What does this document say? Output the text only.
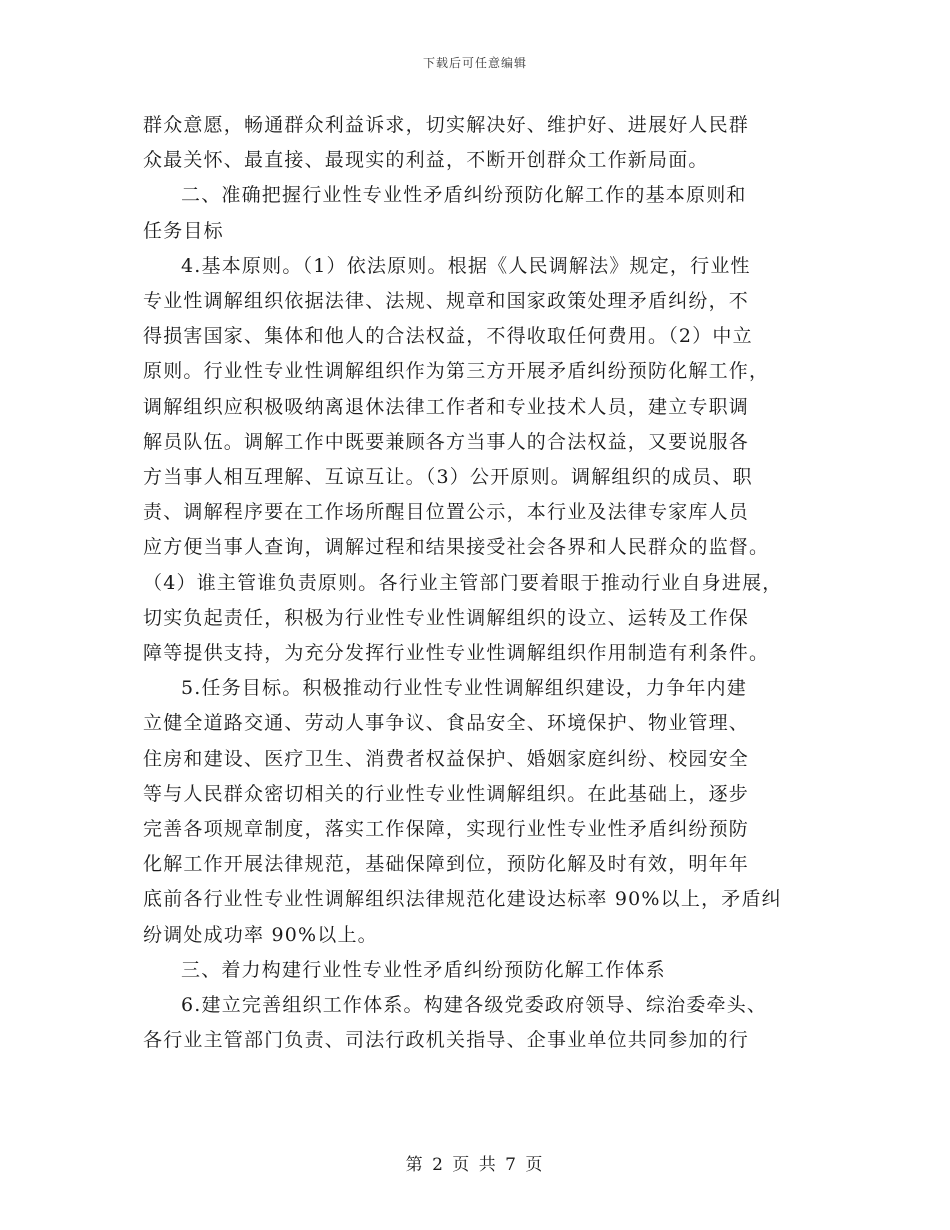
下载后可任意编辑
群众意愿，畅通群众利益诉求，切实解决好、维护好、进展好人民群
众最关怀、最直接、最现实的利益，不断开创群众工作新局面。
二、准确把握行业性专业性矛盾纠纷预防化解工作的基本原则和
任务目标
4.基本原则。（1）依法原则。根据《人民调解法》规定，行业性
专业性调解组织依据法律、法规、规章和国家政策处理矛盾纠纷，不
得损害国家、集体和他人的合法权益，不得收取任何费用。（2）中立
原则。行业性专业性调解组织作为第三方开展矛盾纠纷预防化解工作，
调解组织应积极吸纳离退休法律工作者和专业技术人员，建立专职调
解员队伍。调解工作中既要兼顾各方当事人的合法权益，又要说服各
方当事人相互理解、互谅互让。（3）公开原则。调解组织的成员、职
责、调解程序要在工作场所醒目位置公示，本行业及法律专家库人员
应方便当事人查询，调解过程和结果接受社会各界和人民群众的监督。
（4）谁主管谁负责原则。各行业主管部门要着眼于推动行业自身进展，
切实负起责任，积极为行业性专业性调解组织的设立、运转及工作保
障等提供支持，为充分发挥行业性专业性调解组织作用制造有利条件。
5.任务目标。积极推动行业性专业性调解组织建设，力争年内建
立健全道路交通、劳动人事争议、食品安全、环境保护、物业管理、
住房和建设、医疗卫生、消费者权益保护、婚姻家庭纠纷、校园安全
等与人民群众密切相关的行业性专业性调解组织。在此基础上，逐步
完善各项规章制度，落实工作保障，实现行业性专业性矛盾纠纷预防
化解工作开展法律规范，基础保障到位，预防化解及时有效，明年年
底前各行业性专业性调解组织法律规范化建设达标率 90%以上，矛盾纠
纷调处成功率 90%以上。
三、着力构建行业性专业性矛盾纠纷预防化解工作体系
6.建立完善组织工作体系。构建各级党委政府领导、综治委牵头、
各行业主管部门负责、司法行政机关指导、企事业单位共同参加的行
第 2 页 共 7 页
